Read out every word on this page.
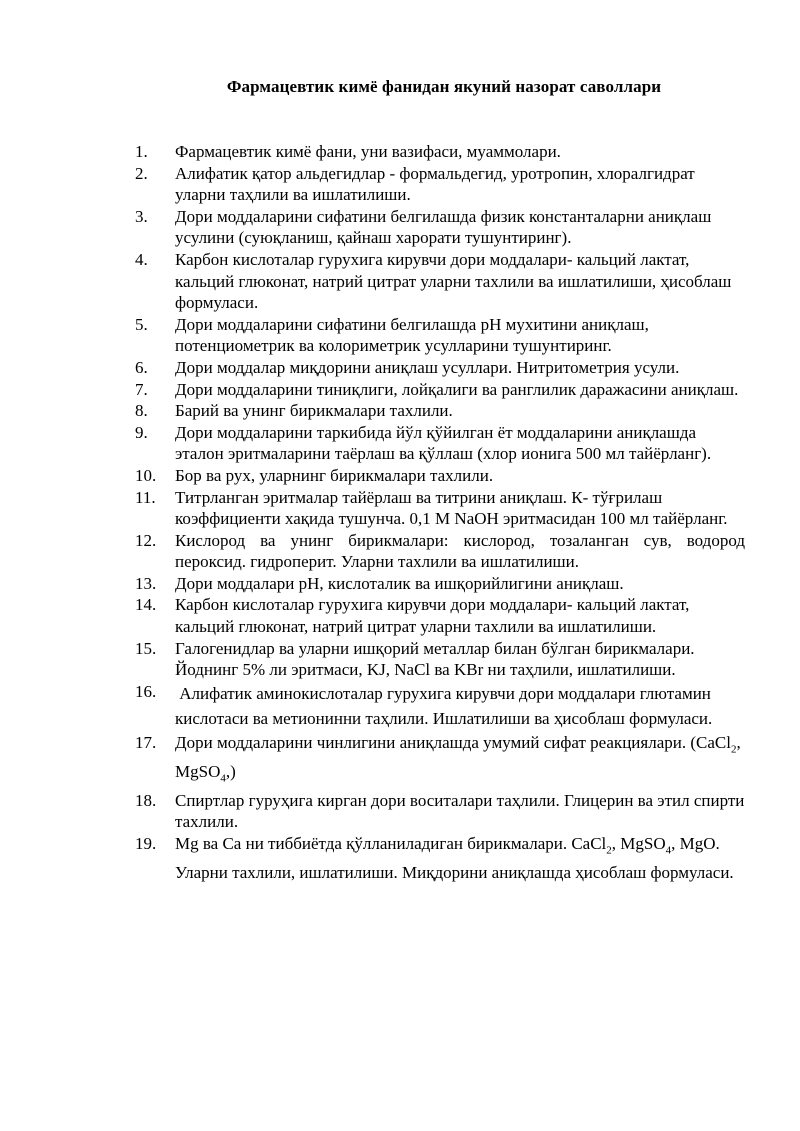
Фармацевтик кимё фанидан якуний назорат саволлари
1.	Фармацевтик кимё фани, уни вазифаси, муаммолари.
2.	Алифатик қатор альдегидлар - формальдегид, уротропин, хлоралгидрат уларни таҳлили ва ишлатилиши.
3.	Дори моддаларини сифатини белгилашда физик константаларни аниқлаш усулини (суюқланиш, қайнаш харорати тушунтиринг).
4.	Карбон кислоталар гурухига кирувчи дори моддалари- кальций лактат, кальций глюконат, натрий цитрат уларни тахлили ва ишлатилиши, ҳисоблаш формуласи.
5.	Дори моддаларини сифатини белгилашда pH мухитини аниқлаш, потенциометрик ва колориметрик усулларини тушунтиринг.
6.	Дори моддалар миқдорини аниқлаш усуллари. Нитритометрия усули.
7.	Дори моддаларини тиниқлиги, лойқалиги ва ранглилик даражасини аниқлаш.
8.	Барий ва унинг бирикмалари тахлили.
9.	Дори моддаларини таркибида йўл қўйилган ёт моддаларини аниқлашда эталон эритмаларини таёрлаш ва қўллаш (хлор ионига 500 мл тайёрланг).
10.	Бор ва рух, уларнинг бирикмалари тахлили.
11.	Титрланган эритмалар тайёрлаш ва титрини аниқлаш. К- тўғрилаш коэффициенти хақида тушунча. 0,1 М NaOH эритмасидан 100 мл тайёрланг.
12.	Кислород ва унинг бирикмалари: кислород, тозаланган сув, водород пероксид. гидроперит. Уларни тахлили ва ишлатилиши.
13.	Дори моддалари pH, кислоталик ва ишқорийлигини аниқлаш.
14.	Карбон кислоталар гурухига кирувчи дори моддалари- кальций лактат, кальций глюконат, натрий цитрат уларни тахлили ва ишлатилиши.
15.	Галогенидлар ва уларни ишқорий металлар билан бўлган бирикмалари. Йоднинг 5% ли эритмаси, KJ, NaCl ва KBr ни таҳлили, ишлатилиши.
16.	Алифатик аминокислоталар гурухига кирувчи дори моддалари глютамин кислотаси ва метионинни таҳлили. Ишлатилиши ва ҳисоблаш формуласи.
17.	Дори моддаларини чинлигини аниқлашда умумий сифат реакциялари. (CaCl$_2$, MgSO$_4$,)
18.	Спиртлар гуруҳига кирган дори воситалари таҳлили. Глицерин ва этил спирти тахлили.
19.	Mg ва Ca ни тиббиётда қўлланиладиган бирикмалари. CaCl$_2$, MgSO$_4$, MgO.   Уларни тахлили, ишлатилиши. Миқдорини аниқлашда ҳисоблаш формуласи.
